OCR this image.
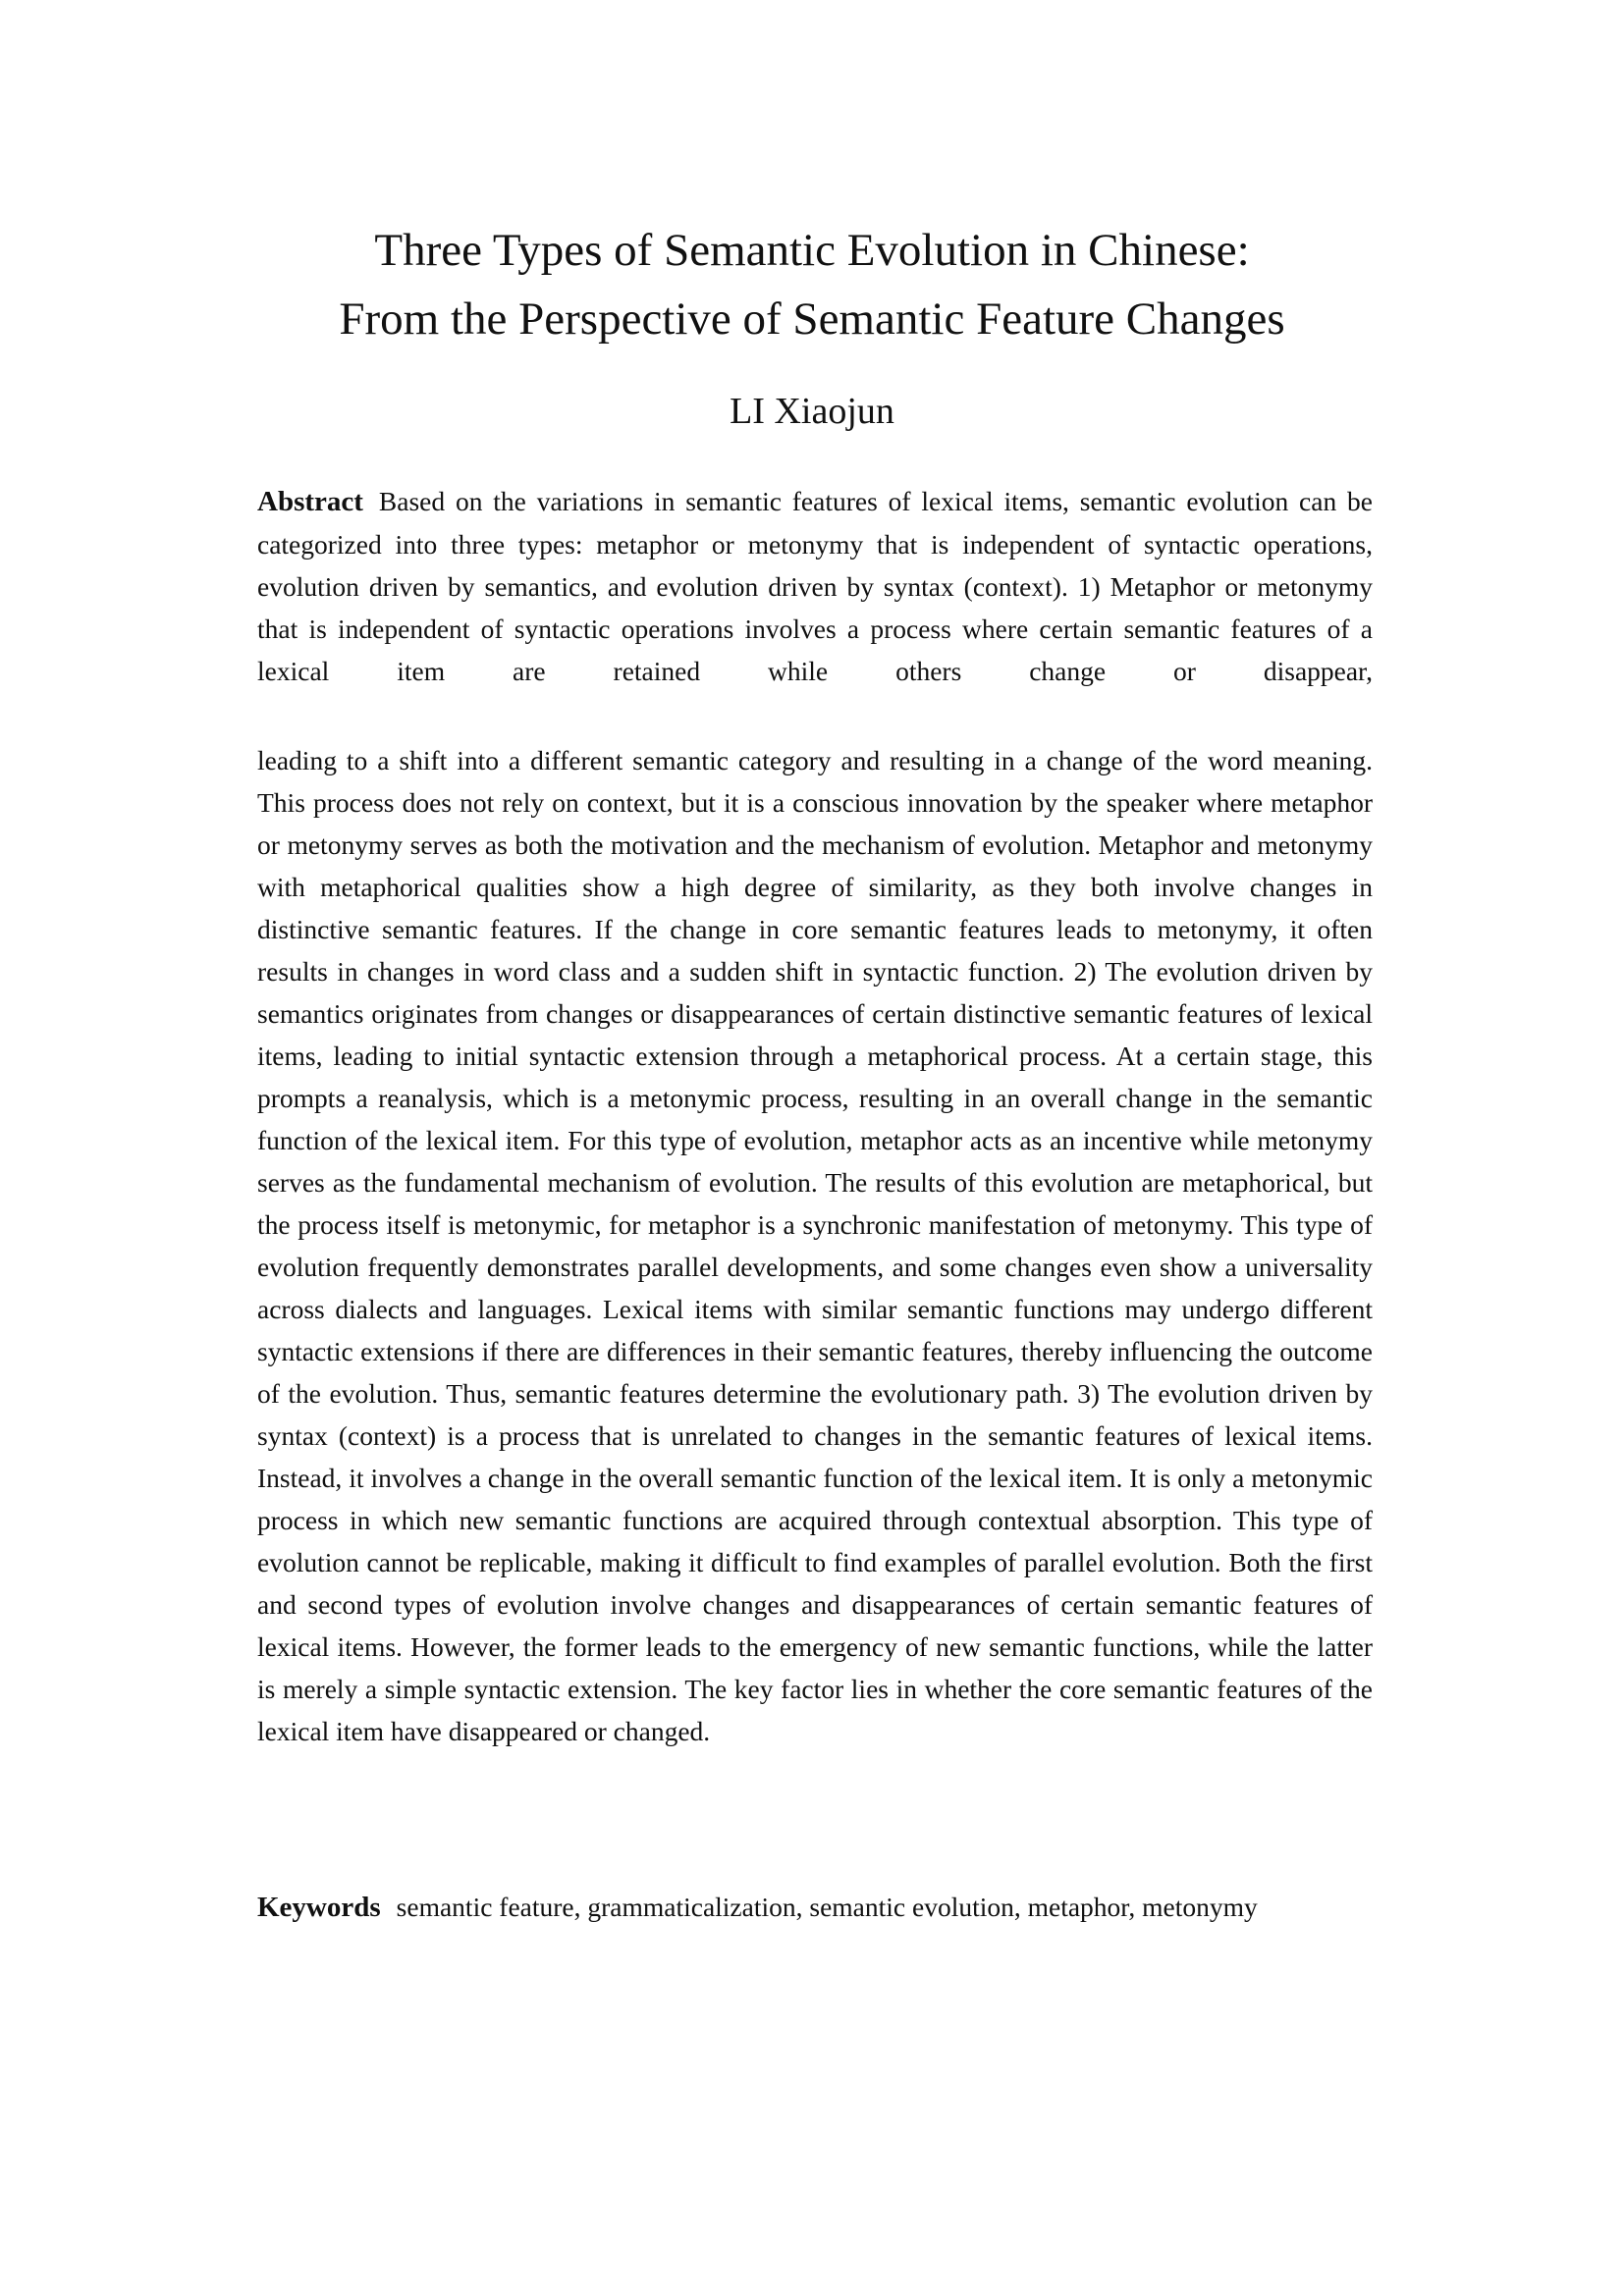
Three Types of Semantic Evolution in Chinese:
From the Perspective of Semantic Feature Changes

LI Xiaojun

Abstract Based on the variations in semantic features of lexical items, semantic evolution can be categorized into three types: metaphor or metonymy that is independent of syntactic operations, evolution driven by semantics, and evolution driven by syntax (context). 1) Metaphor or metonymy that is independent of syntactic operations involves a process where certain semantic features of a lexical item are retained while others change or disappear,

leading to a shift into a different semantic category and resulting in a change of the word meaning. This process does not rely on context, but it is a conscious innovation by the speaker where metaphor or metonymy serves as both the motivation and the mechanism of evolution. Metaphor and metonymy with metaphorical qualities show a high degree of similarity, as they both involve changes in distinctive semantic features. If the change in core semantic features leads to metonymy, it often results in changes in word class and a sudden shift in syntactic function. 2) The evolution driven by semantics originates from changes or disappearances of certain distinctive semantic features of lexical items, leading to initial syntactic extension through a metaphorical process. At a certain stage, this prompts a reanalysis, which is a metonymic process, resulting in an overall change in the semantic function of the lexical item. For this type of evolution, metaphor acts as an incentive while metonymy serves as the fundamental mechanism of evolution. The results of this evolution are metaphorical, but the process itself is metonymic, for metaphor is a synchronic manifestation of metonymy. This type of evolution frequently demonstrates parallel developments, and some changes even show a universality across dialects and languages. Lexical items with similar semantic functions may undergo different syntactic extensions if there are differences in their semantic features, thereby influencing the outcome of the evolution. Thus, semantic features determine the evolutionary path. 3) The evolution driven by syntax (context) is a process that is unrelated to changes in the semantic features of lexical items. Instead, it involves a change in the overall semantic function of the lexical item. It is only a metonymic process in which new semantic functions are acquired through contextual absorption. This type of evolution cannot be replicable, making it difficult to find examples of parallel evolution. Both the first and second types of evolution involve changes and disappearances of certain semantic features of lexical items. However, the former leads to the emergency of new semantic functions, while the latter is merely a simple syntactic extension. The key factor lies in whether the core semantic features of the lexical item have disappeared or changed.

Keywords semantic feature, grammaticalization, semantic evolution, metaphor, metonymy
